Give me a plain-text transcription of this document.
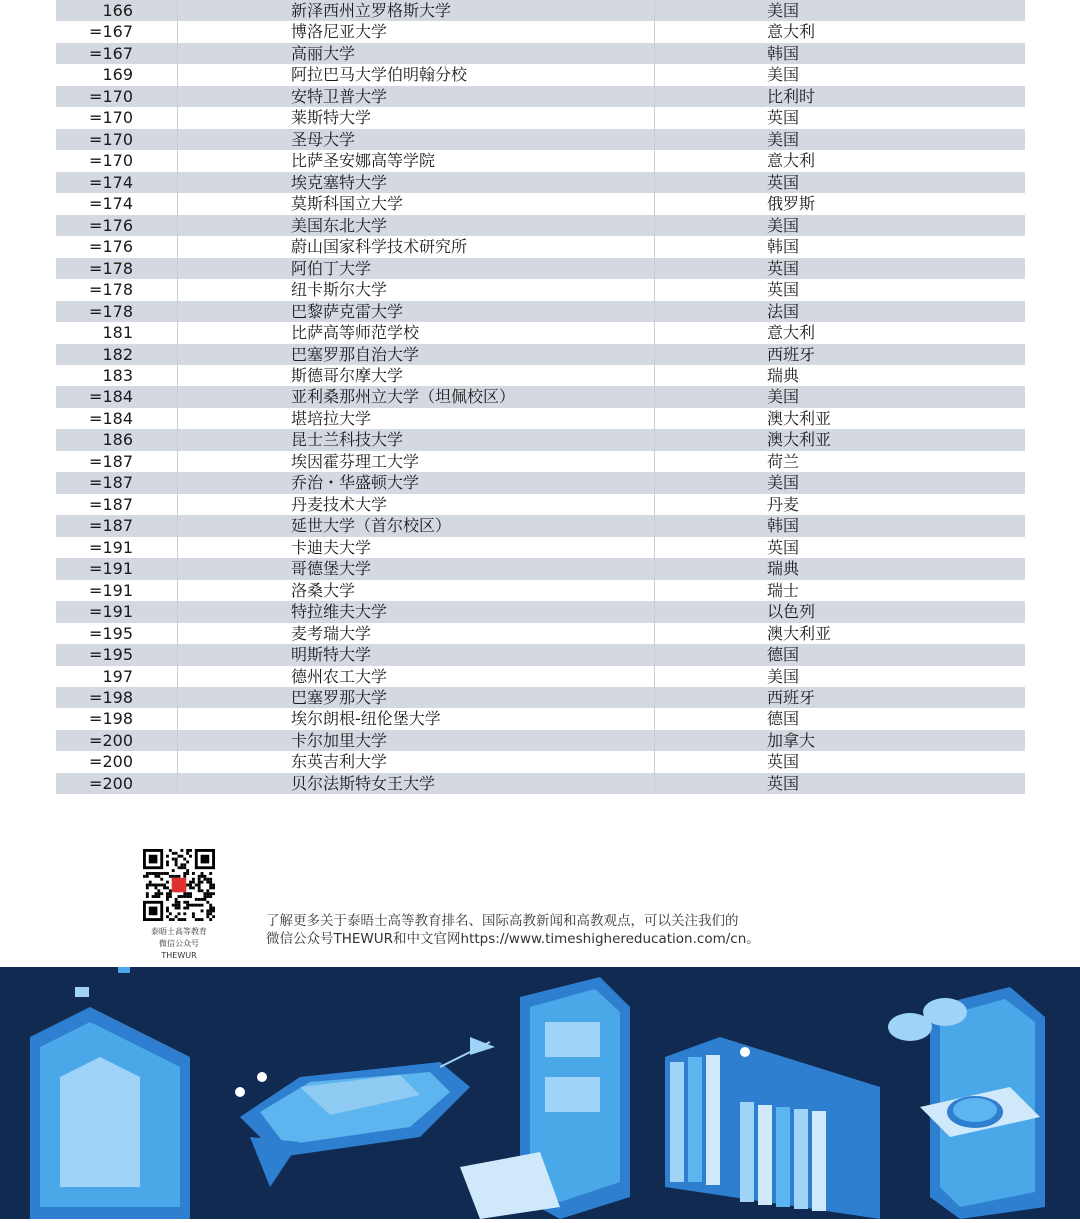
166	新泽西州立罗格斯大学	美国
=167	博洛尼亚大学	意大利
=167	高丽大学	韩国
169	阿拉巴马大学伯明翰分校	美国
=170	安特卫普大学	比利时
=170	莱斯特大学	英国
=170	圣母大学	美国
=170	比萨圣安娜高等学院	意大利
=174	埃克塞特大学	英国
=174	莫斯科国立大学	俄罗斯
=176	美国东北大学	美国
=176	蔚山国家科学技术研究所	韩国
=178	阿伯丁大学	英国
=178	纽卡斯尔大学	英国
=178	巴黎萨克雷大学	法国
181	比萨高等师范学校	意大利
182	巴塞罗那自治大学	西班牙
183	斯德哥尔摩大学	瑞典
=184	亚利桑那州立大学（坦佩校区）	美国
=184	堪培拉大学	澳大利亚
186	昆士兰科技大学	澳大利亚
=187	埃因霍芬理工大学	荷兰
=187	乔治・华盛顿大学	美国
=187	丹麦技术大学	丹麦
=187	延世大学（首尔校区）	韩国
=191	卡迪夫大学	英国
=191	哥德堡大学	瑞典
=191	洛桑大学	瑞士
=191	特拉维夫大学	以色列
=195	麦考瑞大学	澳大利亚
=195	明斯特大学	德国
197	德州农工大学	美国
=198	巴塞罗那大学	西班牙
=198	埃尔朗根-纽伦堡大学	德国
=200	卡尔加里大学	加拿大
=200	东英吉利大学	英国
=200	贝尔法斯特女王大学	英国
泰晤士高等教育
微信公众号
THEWUR
了解更多关于泰晤士高等教育排名、国际高教新闻和高教观点，可以关注我们的
微信公众号THEWUR和中文官网https://www.timeshighereducation.com/cn。
